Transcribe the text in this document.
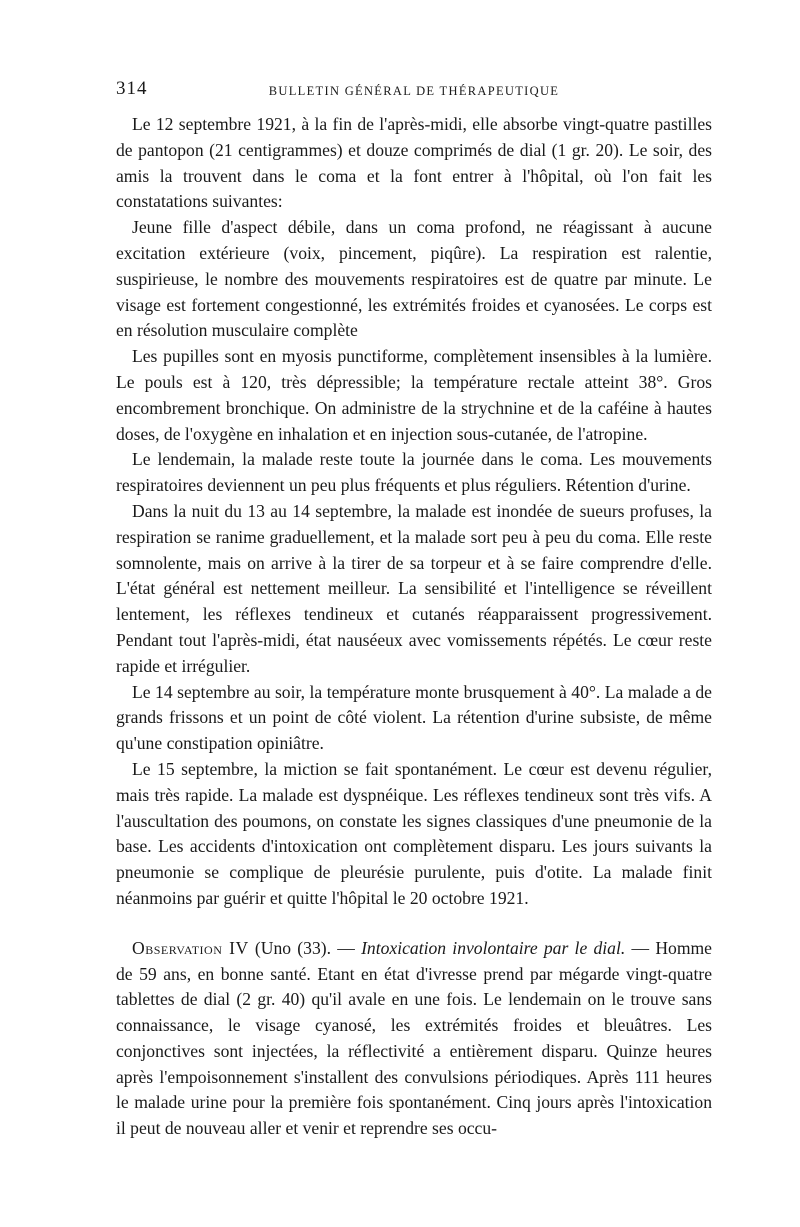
314	BULLETIN GÉNÉRAL DE THÉRAPEUTIQUE

Le 12 septembre 1921, à la fin de l'après-midi, elle absorbe vingt-quatre pastilles de pantopon (21 centigrammes) et douze comprimés de dial (1 gr. 20). Le soir, des amis la trouvent dans le coma et la font entrer à l'hôpital, où l'on fait les constatations suivantes:

Jeune fille d'aspect débile, dans un coma profond, ne réagissant à aucune excitation extérieure (voix, pincement, piqûre). La respiration est ralentie, suspirieuse, le nombre des mouvements respiratoires est de quatre par minute. Le visage est fortement congestionné, les extrémités froides et cyanosées. Le corps est en résolution musculaire complète

Les pupilles sont en myosis punctiforme, complètement insensibles à la lumière. Le pouls est à 120, très dépressible; la température rectale atteint 38°. Gros encombrement bronchique. On administre de la strychnine et de la caféine à hautes doses, de l'oxygène en inhalation et en injection sous-cutanée, de l'atropine.

Le lendemain, la malade reste toute la journée dans le coma. Les mouvements respiratoires deviennent un peu plus fréquents et plus réguliers. Rétention d'urine.

Dans la nuit du 13 au 14 septembre, la malade est inondée de sueurs profuses, la respiration se ranime graduellement, et la malade sort peu à peu du coma. Elle reste somnolente, mais on arrive à la tirer de sa torpeur et à se faire comprendre d'elle. L'état général est nettement meilleur. La sensibilité et l'intelligence se réveillent lentement, les réflexes tendineux et cutanés réapparaissent progressivement. Pendant tout l'après-midi, état nauséeux avec vomissements répétés. Le cœur reste rapide et irrégulier.

Le 14 septembre au soir, la température monte brusquement à 40°. La malade a de grands frissons et un point de côté violent. La rétention d'urine subsiste, de même qu'une constipation opiniâtre.

Le 15 septembre, la miction se fait spontanément. Le cœur est devenu régulier, mais très rapide. La malade est dyspnéique. Les réflexes tendineux sont très vifs. A l'auscultation des poumons, on constate les signes classiques d'une pneumonie de la base. Les accidents d'intoxication ont complètement disparu. Les jours suivants la pneumonie se complique de pleurésie purulente, puis d'otite. La malade finit néanmoins par guérir et quitte l'hôpital le 20 octobre 1921.

Observation IV (Uno (33). — Intoxication involontaire par le dial. — Homme de 59 ans, en bonne santé. Etant en état d'ivresse prend par mégarde vingt-quatre tablettes de dial (2 gr. 40) qu'il avale en une fois. Le lendemain on le trouve sans connaissance, le visage cyanosé, les extrémités froides et bleuâtres. Les conjonctives sont injectées, la réflectivité a entièrement disparu. Quinze heures après l'empoisonnement s'installent des convulsions périodiques. Après 111 heures le malade urine pour la première fois spontanément. Cinq jours après l'intoxication il peut de nouveau aller et venir et reprendre ses occu-
